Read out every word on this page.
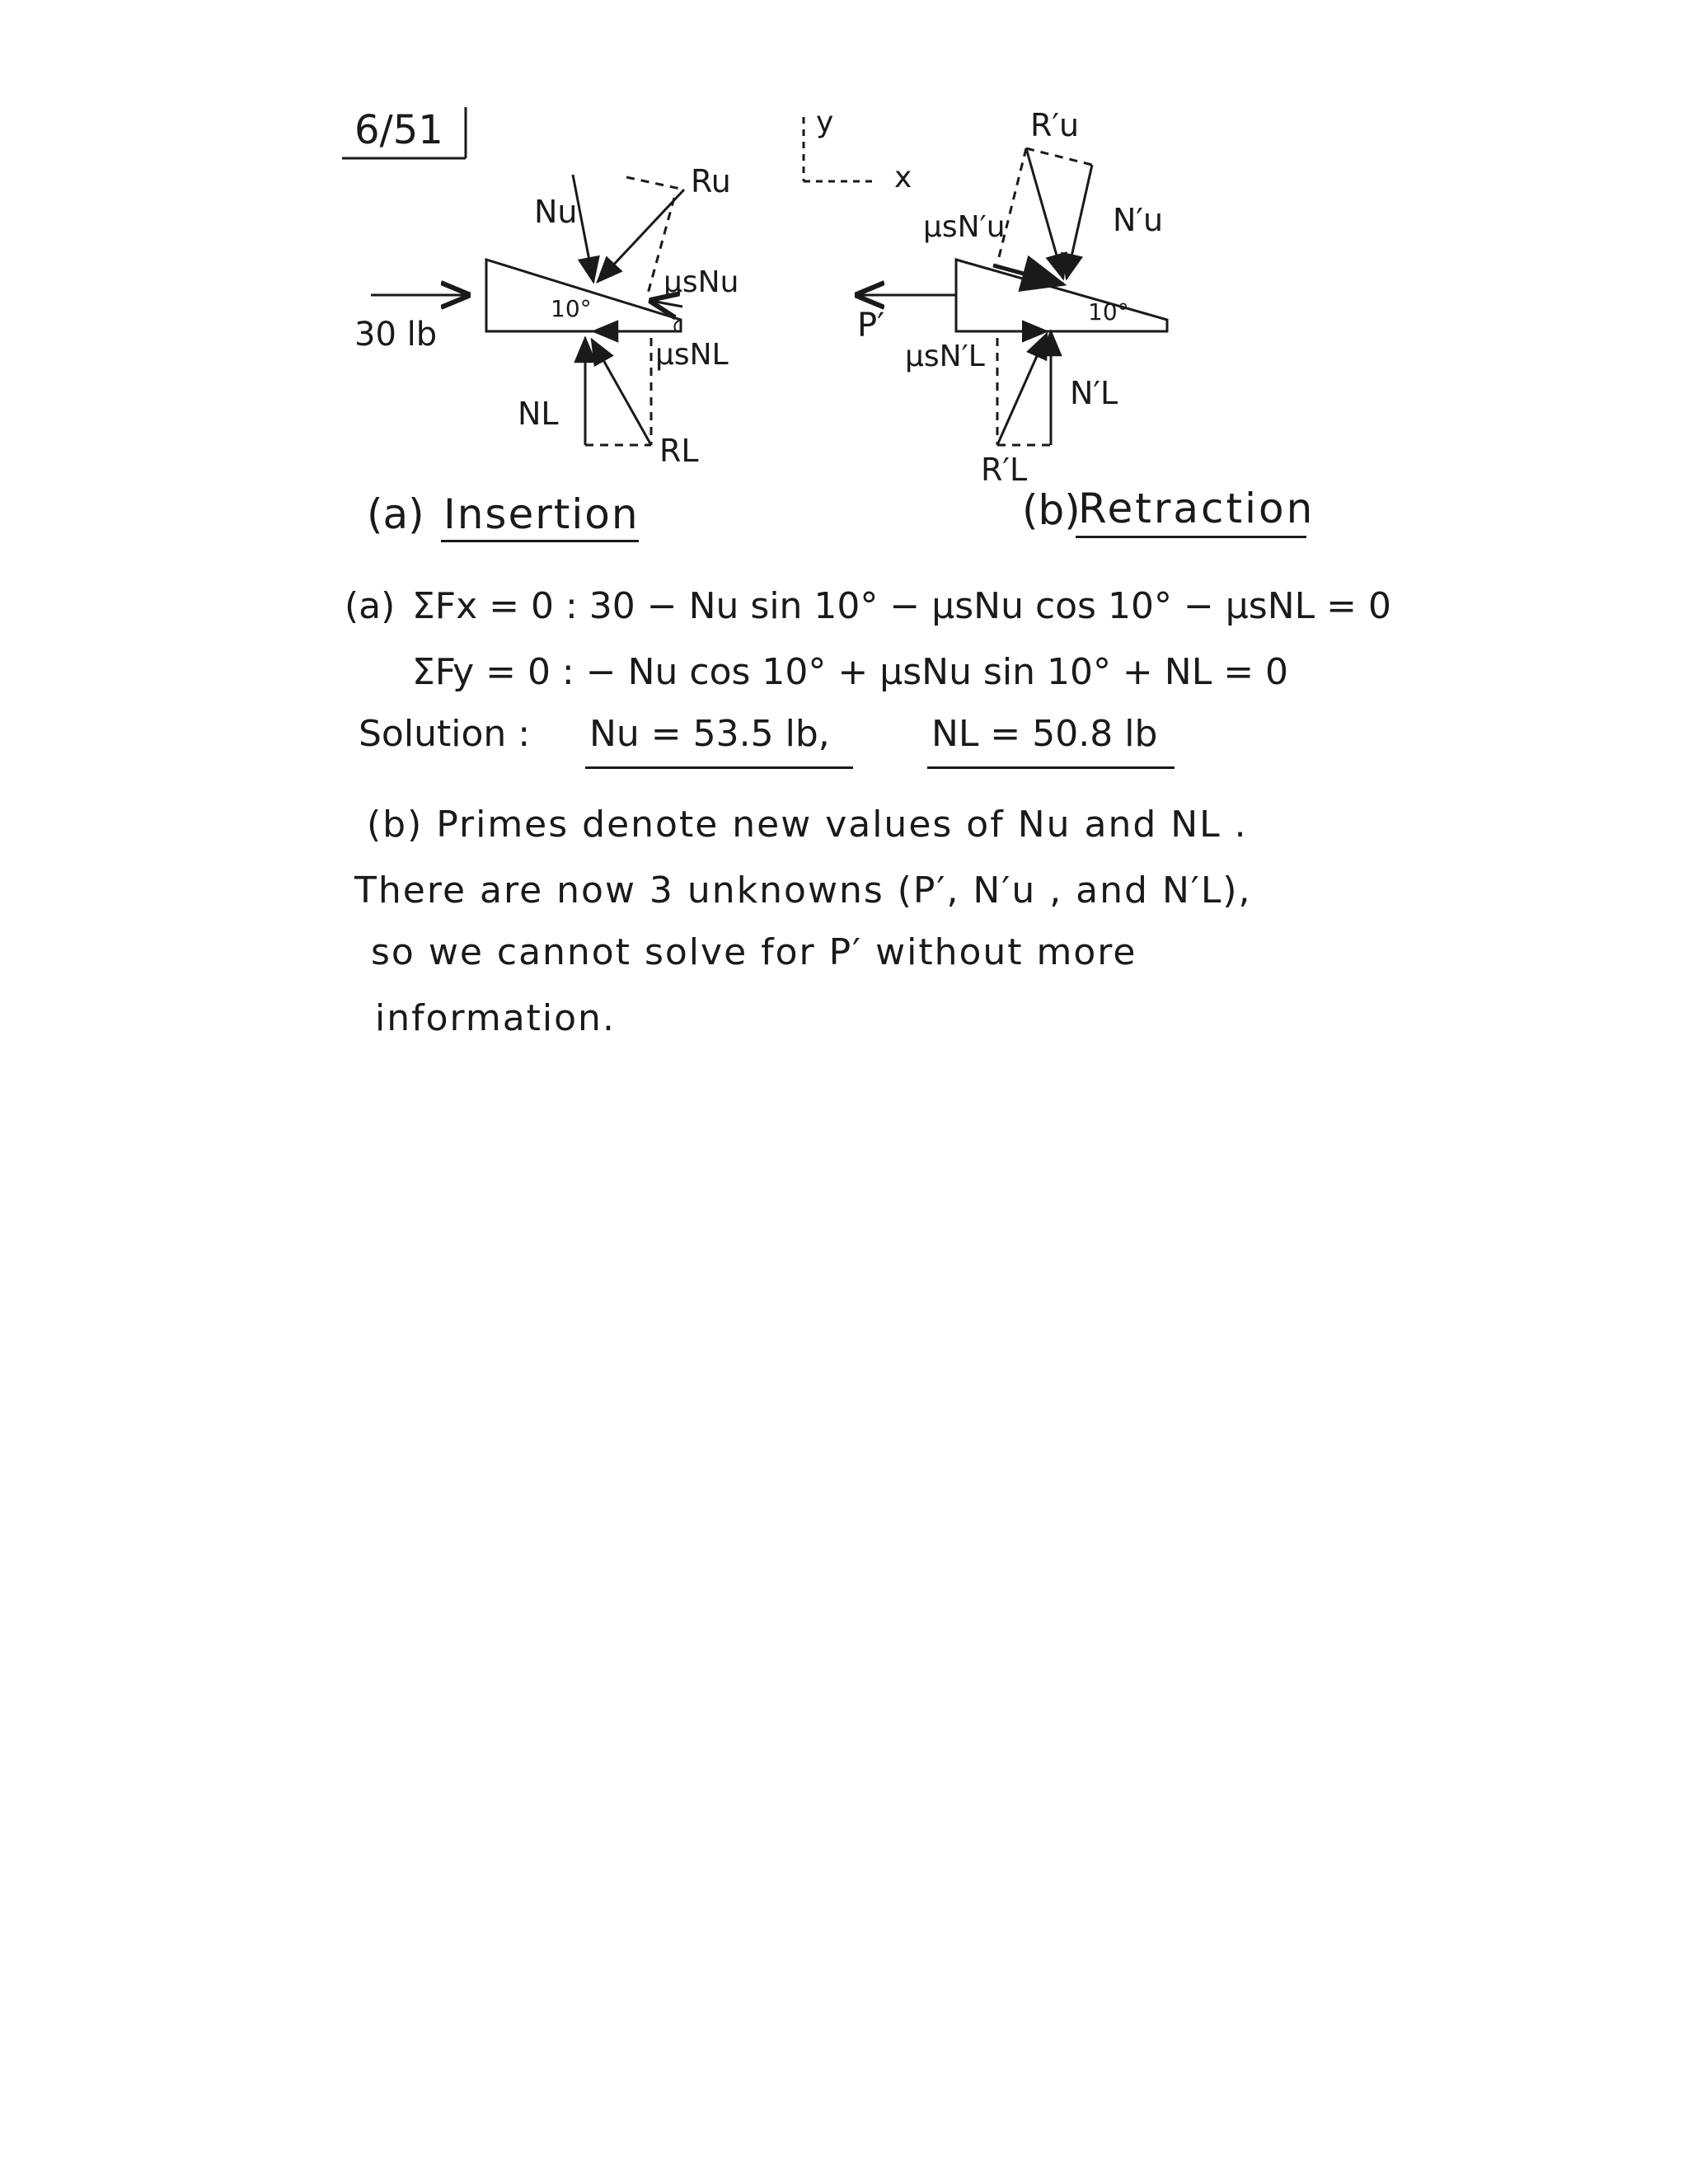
6/51	y
x
Nu
Ru
μsNu
10°
30 lb
μsNL
NL
RL
(a) Insertion
R′u
μsN′u	N′u
P′	10°
μsN′L
N′L
R′L
(b)
Retraction
(a) ΣFx = 0 : 30 − Nu sin 10° − μsNu cos 10° − μsNL = 0
ΣFy = 0 : − Nu cos 10° + μsNu sin 10° + NL = 0
Solution : Nu = 53.5 lb,	NL = 50.8 lb
(b) Primes denote new values of Nu and NL .
There are now 3 unknowns (P′, N′u , and N′L),
so we cannot solve for P′ without more
information.
